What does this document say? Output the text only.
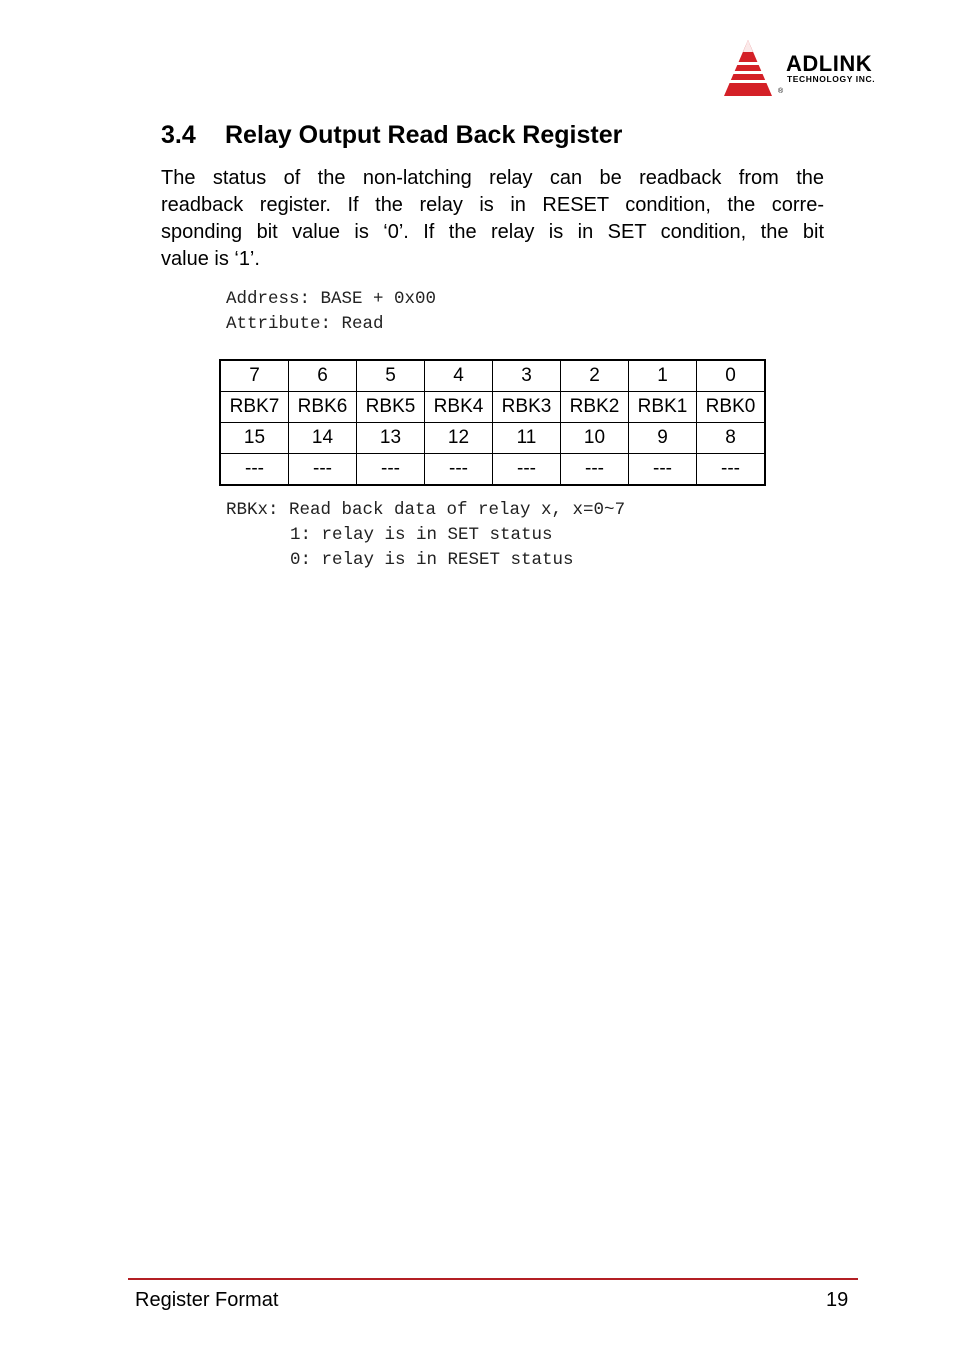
ADLINK
TECHNOLOGY INC.
®
3.4 Relay Output Read Back Register

The status of the non-latching relay can be readback from the
readback register. If the relay is in RESET condition, the corre-
sponding bit value is ‘0’. If the relay is in SET condition, the bit
value is ‘1’.

Address: BASE + 0x00
Attribute: Read
7	6	5	4	3	2	1	0
RBK7	RBK6	RBK5	RBK4	RBK3	RBK2	RBK1	RBK0
15	14	13	12	11	10	9	8
---	---	---	---	---	---	---	---
RBKx: Read back data of relay x, x=0~7
1: relay is in SET status
0: relay is in RESET status
Register Format	19
